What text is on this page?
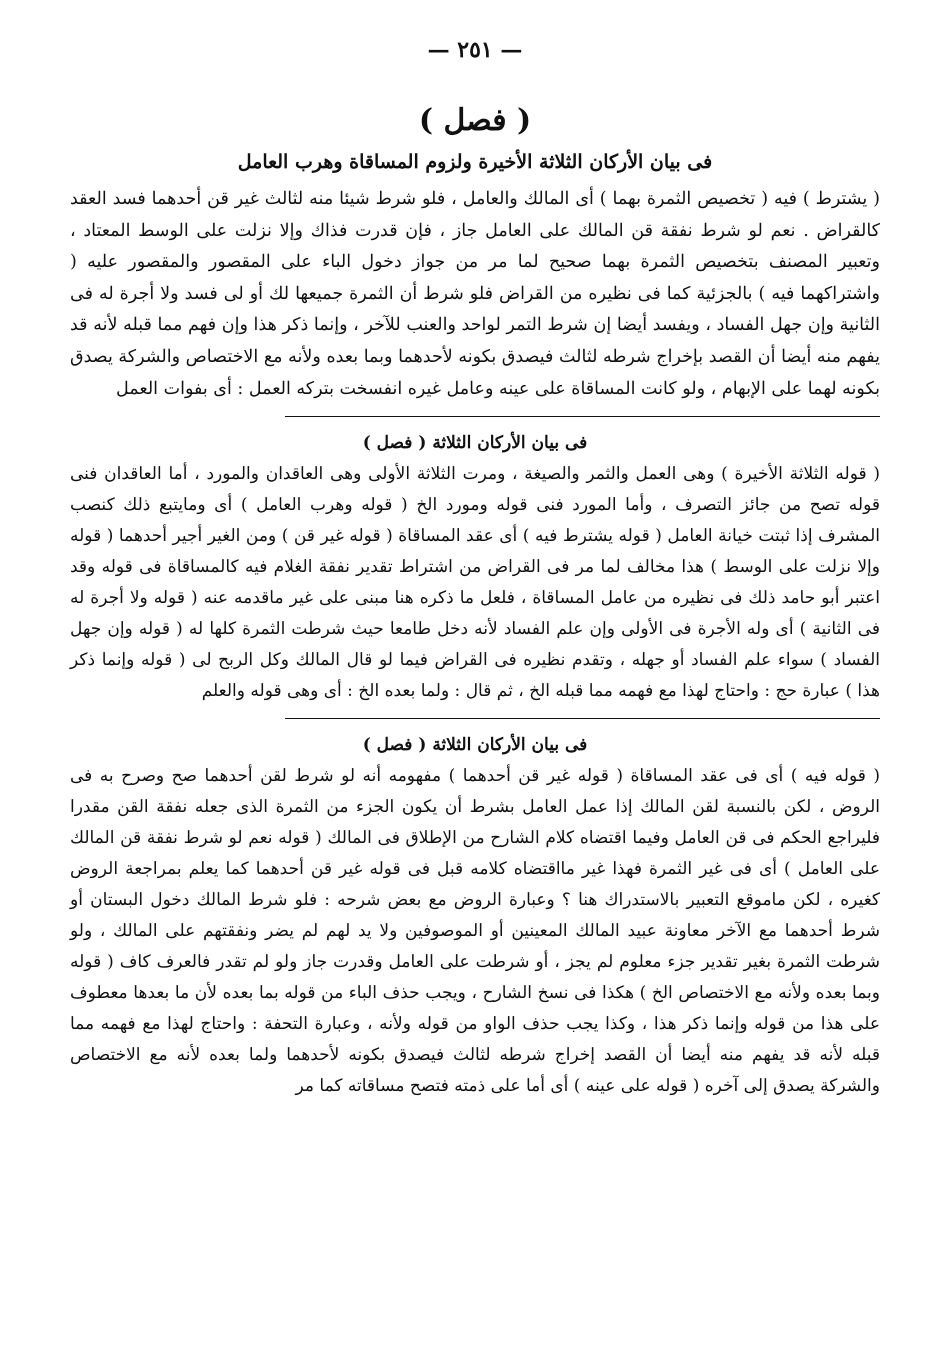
— ٢٥١ —
( فصل )
فى بيان الأركان الثلاثة الأخيرة ولزوم المساقاة وهرب العامل

( يشترط ) فيه ( تخصيص الثمرة بهما ) أى المالك والعامل ، فلو شرط شيئا منه لثالث غير قن أحدهما فسد العقد كالقراض . نعم لو شرط نفقة قن المالك على العامل جاز ، فإن قدرت فذاك وإلا نزلت على الوسط المعتاد ، وتعبير المصنف بتخصيص الثمرة بهما صحيح لما مر من جواز دخول الباء على المقصور والمقصور عليه ( واشتراكهما فيه ) بالجزئية كما فى نظيره من القراض فلو شرط أن الثمرة جميعها لك أو لى فسد ولا أجرة له فى الثانية وإن جهل الفساد ، ويفسد أيضا إن شرط التمر لواحد والعنب للآخر ، وإنما ذكر هذا وإن فهم مما قبله لأنه قد يفهم منه أيضا أن القصد بإخراج شرطه لثالث فيصدق بكونه لأحدهما وبما بعده ولأنه مع الاختصاص والشركة يصدق بكونه لهما على الإبهام ، ولو كانت المساقاة على عينه وعامل غيره انفسخت بتركه العمل : أى بفوات العمل

( فصل ) فى بيان الأركان الثلاثة

( قوله الثلاثة الأخيرة ) وهى العمل والثمر والصيغة ، ومرت الثلاثة الأولى وهى العاقدان والمورد ، أما العاقدان فنى قوله تصح من جائز التصرف ، وأما المورد فنى قوله ومورد الخ ( قوله وهرب العامل ) أى ومايتبع ذلك كنصب المشرف إذا ثبتت خيانة العامل ( قوله يشترط فيه ) أى عقد المساقاة ( قوله غير قن ) ومن الغير أجير أحدهما ( قوله وإلا نزلت على الوسط ) هذا مخالف لما مر فى القراض من اشتراط تقدير نفقة الغلام فيه كالمساقاة فى قوله وقد اعتبر أبو حامد ذلك فى نظيره من عامل المساقاة ، فلعل ما ذكره هنا مبنى على غير ماقدمه عنه ( قوله ولا أجرة له فى الثانية ) أى وله الأجرة فى الأولى وإن علم الفساد لأنه دخل طامعا حيث شرطت الثمرة كلها له ( قوله وإن جهل الفساد ) سواء علم الفساد أو جهله ، وتقدم نظيره فى القراض فيما لو قال المالك وكل الربح لى ( قوله وإنما ذكر هذا ) عبارة حج : واحتاج لهذا مع فهمه مما قبله الخ ، ثم قال : ولما بعده الخ : أى وهى قوله والعلم

( فصل ) فى بيان الأركان الثلاثة

( قوله فيه ) أى فى عقد المساقاة ( قوله غير قن أحدهما ) مفهومه أنه لو شرط لقن أحدهما صح وصرح به فى الروض ، لكن بالنسبة لقن المالك إذا عمل العامل بشرط أن يكون الجزء من الثمرة الذى جعله نفقة القن مقدرا فليراجع الحكم فى قن العامل وفيما اقتضاه كلام الشارح من الإطلاق فى المالك ( قوله نعم لو شرط نفقة قن المالك على العامل ) أى فى غير الثمرة فهذا غير مااقتضاه كلامه قبل فى قوله غير قن أحدهما كما يعلم بمراجعة الروض كغيره ، لكن ماموقع التعبير بالاستدراك هنا ؟ وعبارة الروض مع بعض شرحه : فلو شرط المالك دخول البستان أو شرط أحدهما مع الآخر معاونة عبيد المالك المعينين أو الموصوفين ولا يد لهم لم يضر ونفقتهم على المالك ، ولو شرطت الثمرة بغير تقدير جزء معلوم لم يجز ، أو شرطت على العامل وقدرت جاز ولو لم تقدر فالعرف كاف ( قوله وبما بعده ولأنه مع الاختصاص الخ ) هكذا فى نسخ الشارح ، ويجب حذف الباء من قوله بما بعده لأن ما بعدها معطوف على هذا من قوله وإنما ذكر هذا ، وكذا يجب حذف الواو من قوله ولأنه ، وعبارة التحفة : واحتاج لهذا مع فهمه مما قبله لأنه قد يفهم منه أيضا أن القصد إخراج شرطه لثالث فيصدق بكونه لأحدهما ولما بعده لأنه مع الاختصاص والشركة يصدق إلى آخره ( قوله على عينه ) أى أما على ذمته فتصح مساقاته كما مر
